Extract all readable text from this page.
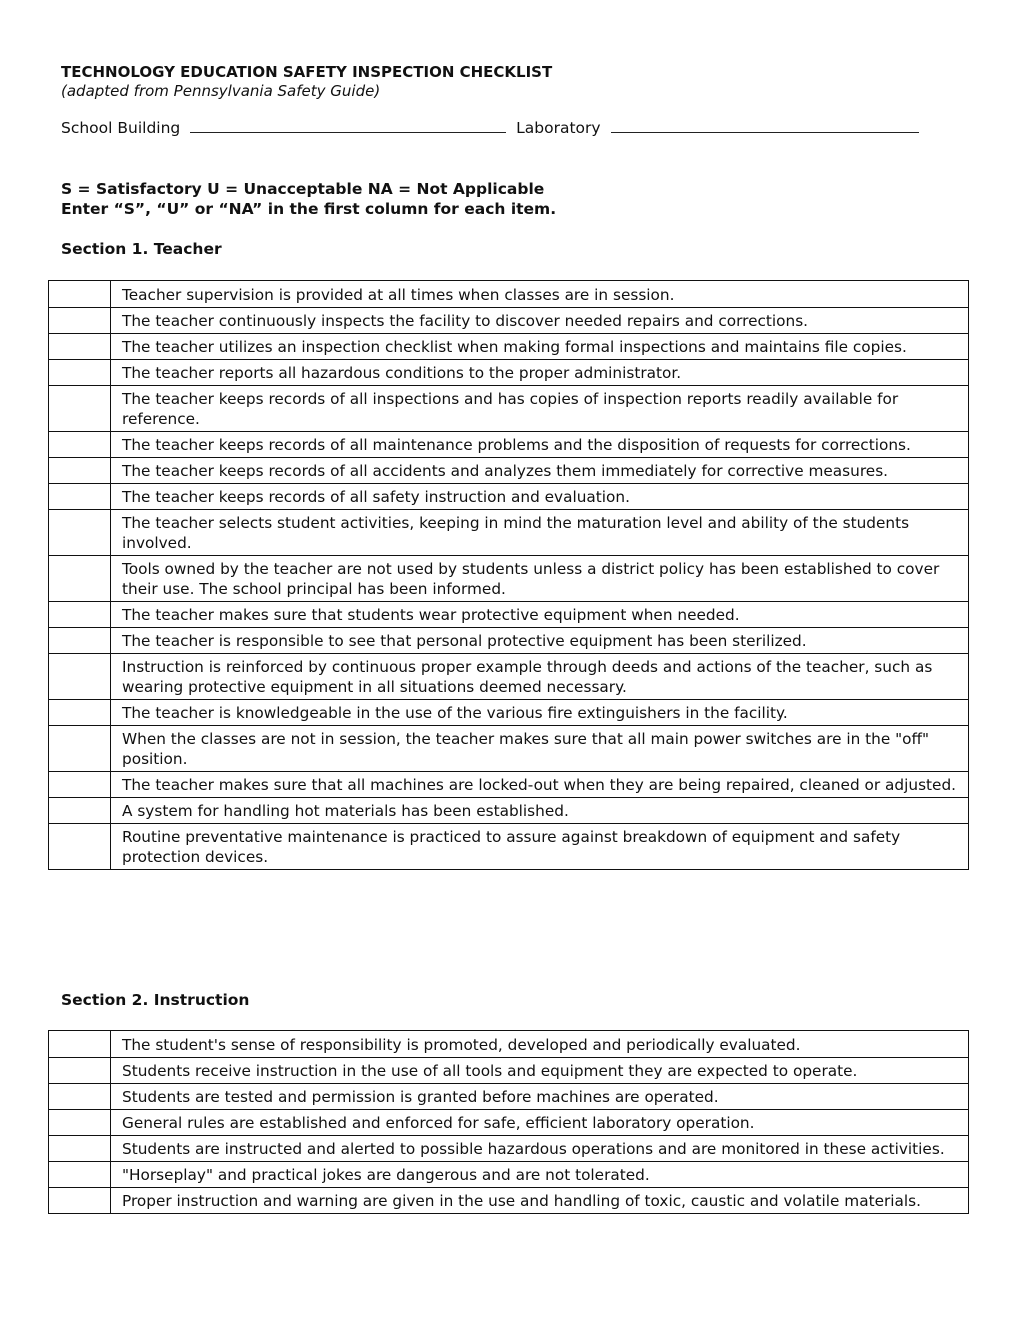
TECHNOLOGY EDUCATION SAFETY INSPECTION CHECKLIST
(adapted from Pennsylvania Safety Guide)
School Building	Laboratory
S = Satisfactory U = Unacceptable NA = Not Applicable
Enter “S”, “U” or “NA” in the first column for each item.
Section 1. Teacher
	Teacher supervision is provided at all times when classes are in session.
	The teacher continuously inspects the facility to discover needed repairs and corrections.
	The teacher utilizes an inspection checklist when making formal inspections and maintains file copies.
	The teacher reports all hazardous conditions to the proper administrator.
	The teacher keeps records of all inspections and has copies of inspection reports readily available for reference.
	The teacher keeps records of all maintenance problems and the disposition of requests for corrections.
	The teacher keeps records of all accidents and analyzes them immediately for corrective measures.
	The teacher keeps records of all safety instruction and evaluation.
	The teacher selects student activities, keeping in mind the maturation level and ability of the students involved.
	Tools owned by the teacher are not used by students unless a district policy has been established to cover their use. The school principal has been informed.
	The teacher makes sure that students wear protective equipment when needed.
	The teacher is responsible to see that personal protective equipment has been sterilized.
	Instruction is reinforced by continuous proper example through deeds and actions of the teacher, such as wearing protective equipment in all situations deemed necessary.
	The teacher is knowledgeable in the use of the various fire extinguishers in the facility.
	When the classes are not in session, the teacher makes sure that all main power switches are in the "off" position.
	The teacher makes sure that all machines are locked-out when they are being repaired, cleaned or adjusted.
	A system for handling hot materials has been established.
	Routine preventative maintenance is practiced to assure against breakdown of equipment and safety protection devices.
Section 2. Instruction
	The student's sense of responsibility is promoted, developed and periodically evaluated.
	Students receive instruction in the use of all tools and equipment they are expected to operate.
	Students are tested and permission is granted before machines are operated.
	General rules are established and enforced for safe, efficient laboratory operation.
	Students are instructed and alerted to possible hazardous operations and are monitored in these activities.
	"Horseplay" and practical jokes are dangerous and are not tolerated.
	Proper instruction and warning are given in the use and handling of toxic, caustic and volatile materials.
